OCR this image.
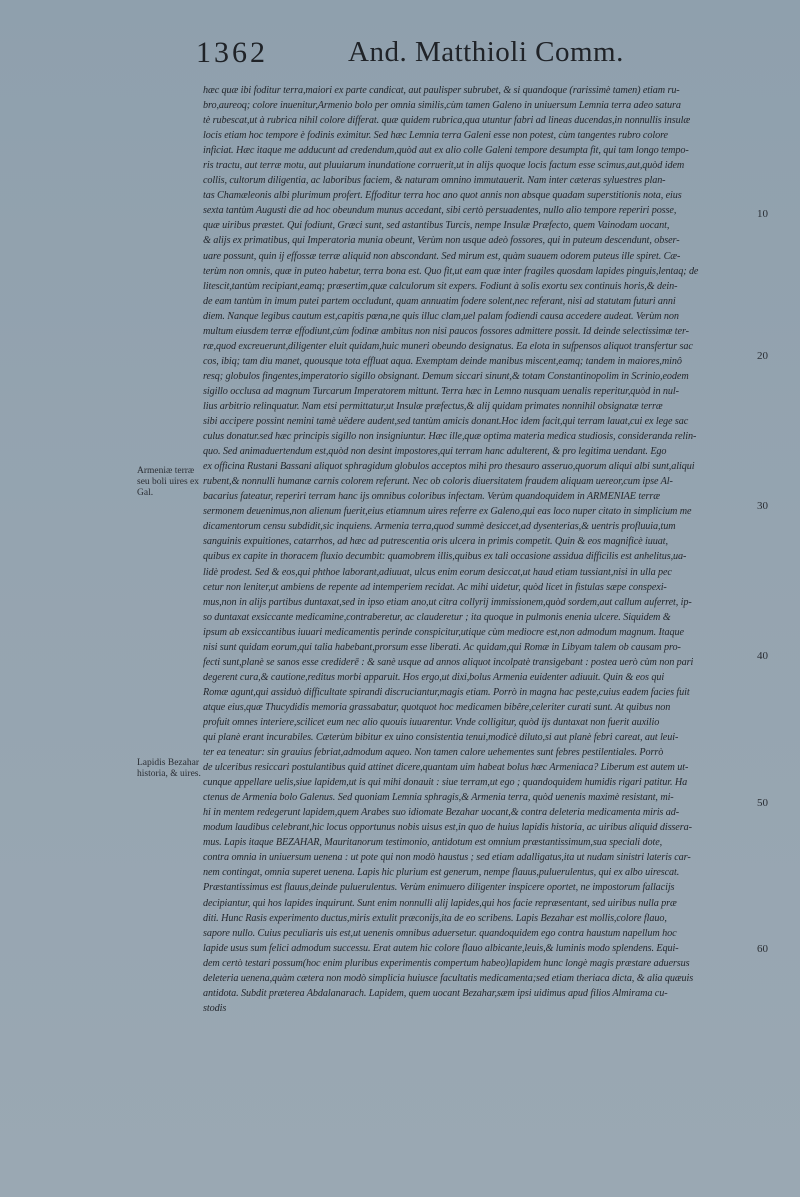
1362	And. Matthioli Comm.
hæc quæ ibi foditur terra,maiori ex parte candicat, aut paulisper subrubet, & si quandoque (rarissimè tamen) etiam ru-
bro,aureoq; colore inuenitur,Armenio bolo per omnia similis,cùm tamen Galeno in uniuersum Lemnia terra adeo satura
tè rubescat,ut à rubrica nihil colore differat. quæ quidem rubrica,qua utuntur fabri ad lineas ducendas,in nonnullis insulæ
locis etiam hoc tempore è fodinis eximitur. Sed hæc Lemnia terra Galeni esse non potest, cùm tangentes rubro colore
inficiat. Hæc itaque me adducunt ad credendum,quòd aut ex alio colle Galeni tempore desumpta fit, qui tam longo tempo-
ris tractu, aut terræ motu, aut pluuiarum inundatione corruerit,ut in alijs quoque locis factum esse scimus,aut,quòd idem
collis, cultorum diligentia, ac laboribus faciem, & naturam omnino immutauerit. Nam inter cæteras syluestres plan-
tas Chamæleonis albi plurimum profert. Effoditur terra hoc ano quot annis non absque quadam superstitionis nota, eius
sexta tantùm Augusti die ad hoc obeundum munus accedant, sibi certò persuadentes, nullo alio tempore reperiri posse,
quæ uiribus præstet. Qui fodiunt, Græci sunt, sed astantibus Turcis, nempe Insulæ Præfecto, quem Vainodam uocant,
& alijs ex primatibus, qui Imperatoria munia obeunt, Verùm non usque adeò fossores, qui in puteum descendunt, obser-
uare possunt, quin ij effossæ terræ aliquid non abscondant. Sed mirum est, quàm suauem odorem puteus ille spiret. Cæ-
terùm non omnis, quæ in puteo habetur, terra bona est. Quo fit,ut eam quæ inter fragiles quosdam lapides pinguis,lentaq; de
litescit,tantùm recipiant,eamq; præsertim,quæ calculorum sit expers. Fodiunt à solis exortu sex continuis horis,& dein-
de eam tantùm in imum putei partem occludunt, quam annuatim fodere solent,nec referant, nisi ad statutam futuri anni
diem. Nanque legibus cautum est,capitis pœna,ne quis illuc clam,uel palam fodiendi causa accedere audeat. Verùm non
multum eiusdem terræ effodiunt,cùm fodinæ ambitus non nisi paucos fossores admittere possit. Id deinde selectissimæ ter-
ræ,quod excreuerunt,diligenter eluit quidam,huic muneri obeundo designatus. Ea elota in sufpensos aliquot transfertur sac
cos, ibiq; tam diu manet, quousque tota effluat aqua. Exemptam deinde manibus miscent,eamq; tandem in maiores,minô
resq; globulos fingentes,imperatorio sigillo obsignant. Demum siccari sinunt,& totam Constantinopolim in Scrinio,eodem
sigillo occlusa ad magnum Turcarum Imperatorem mittunt. Terra hæc in Lemno nusquam uenalis reperitur,quòd in nul-
lius arbitrio relinquatur. Nam etsi permittatur,ut Insulæ præfectus,& alij quidam primates nonnihil obsignatæ terræ
sibi accipere possint nemini tamè uëdere audent,sed tantùm amicis donant.Hoc idem facit,qui terram lauat,cui ex lege sac
culus donatur.sed hæc principis sigillo non insigniuntur. Hæc ille,quæ optima materia medica studiosis, consideranda relin-
quo. Sed animaduertendum est,quòd non desint impostores,qui terram hanc adulterent, & pro legitima uendant. Ego
ex officina Rustani Bassani aliquot sphragidum globulos acceptos mihi pro thesauro asseruo,quorum aliqui albi sunt,aliqui
rubent,& nonnulli humanæ carnis colorem referunt. Nec ob coloris diuersitatem fraudem aliquam uereor,cum ipse Al-
bacarius fateatur, reperiri terram hanc ijs omnibus coloribus infectam. Verùm quandoquidem in ARMENIAE terræ
sermonem deuenimus,non alienum fuerit,eius etiamnum uires referre ex Galeno,qui eas loco nuper citato in simplicium me
dicamentorum censu subdidit,sic inquiens. Armenia terra,quod summè desiccet,ad dysenterias,& uentris profluuia,tum
sanguinis expuitiones, catarrhos, ad hæc ad putrescentia oris ulcera in primis competit. Quin & eos magnificè iuuat,
quibus ex capite in thoracem fluxio decumbit: quamobrem illis,quibus ex tali occasione assidua difficilis est anhelitus,ua-
lidè prodest. Sed & eos,qui phthoe laborant,adiuuat, ulcus enim eorum desiccat,ut haud etiam tussiant,nisi in ulla pec
cetur non leniter,ut ambiens de repente ad intemperiem recidat. Ac mihi uidetur, quòd licet in fistulas sæpe conspexi-
mus,non in alijs partibus duntaxat,sed in ipso etiam ano,ut citra collyrij immissionem,quòd sordem,aut callum auferret, ip-
so duntaxat exsiccante medicamine,contraberetur, ac clauderetur ; ita quoque in pulmonis enenia ulcere. Siquidem &
ipsum ab exsiccantibus iuuari medicamentis perinde conspicitur,utique cùm mediocre est,non admodum magnum. Itaque
nisi sunt quidam eorum,qui talia habebant,prorsum esse liberati. Ac quidam,qui Romæ in Libyam talem ob causam pro-
fecti sunt,planè se sanos esse crediderē : & sanè usque ad annos aliquot incolpatè transigebant : postea uerò cùm non pari
degerent cura,& cautione,reditus morbi apparuit. Hos ergo,ut dixi,bolus Armenia euidenter adiuuit. Quin & eos qui
Romæ agunt,qui assiduò difficultate spirandi discruciantur,magis etiam. Porrò in magna hac peste,cuius eadem facies fuit
atque eius,quæ Thucydidis memoria grassabatur, quotquot hoc medicamen bibêre,celeriter curati sunt. At quibus non
profuit omnes interiere,scilicet eum nec alio quouis iuuarentur. Vnde colligitur, quòd ijs duntaxat non fuerit auxilio
qui planè erant incurabiles. Cæterùm bibitur ex uino consistentia tenui,modicè diluto,si aut planè febri careat, aut leui-
ter ea teneatur: sin grauius febriat,admodum aqueo. Non tamen calore uehementes sunt febres pestilentiales. Porrò
de ulceribus resiccari postulantibus quid attinet dicere,quantam uim habeat bolus hæc Armeniaca? Liberum est autem ut-
cunque appellare uelis,siue lapidem,ut is qui mihi donauit : siue terram,ut ego ; quandoquidem humidis rigari patitur. Ha
ctenus de Armenia bolo Galenus. Sed quoniam Lemnia sphragis,& Armenia terra, quòd uenenis maximè resistant, mi-
hi in mentem redegerunt lapidem,quem Arabes suo idiomate Bezahar uocant,& contra deleteria medicamenta miris ad-
modum laudibus celebrant,hic locus opportunus nobis uisus est,in quo de huius lapidis historia, ac uiribus aliquid dissera-
mus. Lapis itaque BEZAHAR, Mauritanorum testimonio, antidotum est omnium præstantissimum,sua speciali dote,
contra omnia in uniuersum uenena : ut pote qui non modò haustus ; sed etiam adalligatus,ita ut nudam sinistri lateris car-
nem contingat, omnia superet uenena. Lapis hic plurium est generum, nempe flauus,puluerulentus, qui ex albo uirescat.
Præstantissimus est flauus,deinde puluerulentus. Verùm enimuero diligenter inspicere oportet, ne impostorum fallacijs
decipiantur, qui hos lapides inquirunt. Sunt enim nonnulli alij lapides,qui hos facie repræsentant, sed uiribus nulla præ
diti. Hunc Rasis experimento ductus,miris extulit præconijs,ita de eo scribens. Lapis Bezahar est mollis,colore flauo,
sapore nullo. Cuius peculiaris uis est,ut uenenis omnibus aduersetur. quandoquidem ego contra haustum napellum hoc
lapide usus sum felici admodum successu. Erat autem hic colore flauo albicante,leuis,& luminis modo splendens. Equi-
dem certò testari possum(hoc enim pluribus experimentis compertum habeo)lapidem hunc longè magis præstare aduersus
deleteria uenena,quàm cætera non modò simplicia huiusce facultatis medicamenta;sed etiam theriaca dicta, & alia quæuis
antidota. Subdit præterea Abdalanarach. Lapidem, quem uocant Bezahar,sæm ipsi uidimus apud filios Almirama cu-
stodis
Armeniæ terræ seu boli uires ex Gal.
Lapidis Bezahar historia, & uires.
10
20
30
40
50
60
